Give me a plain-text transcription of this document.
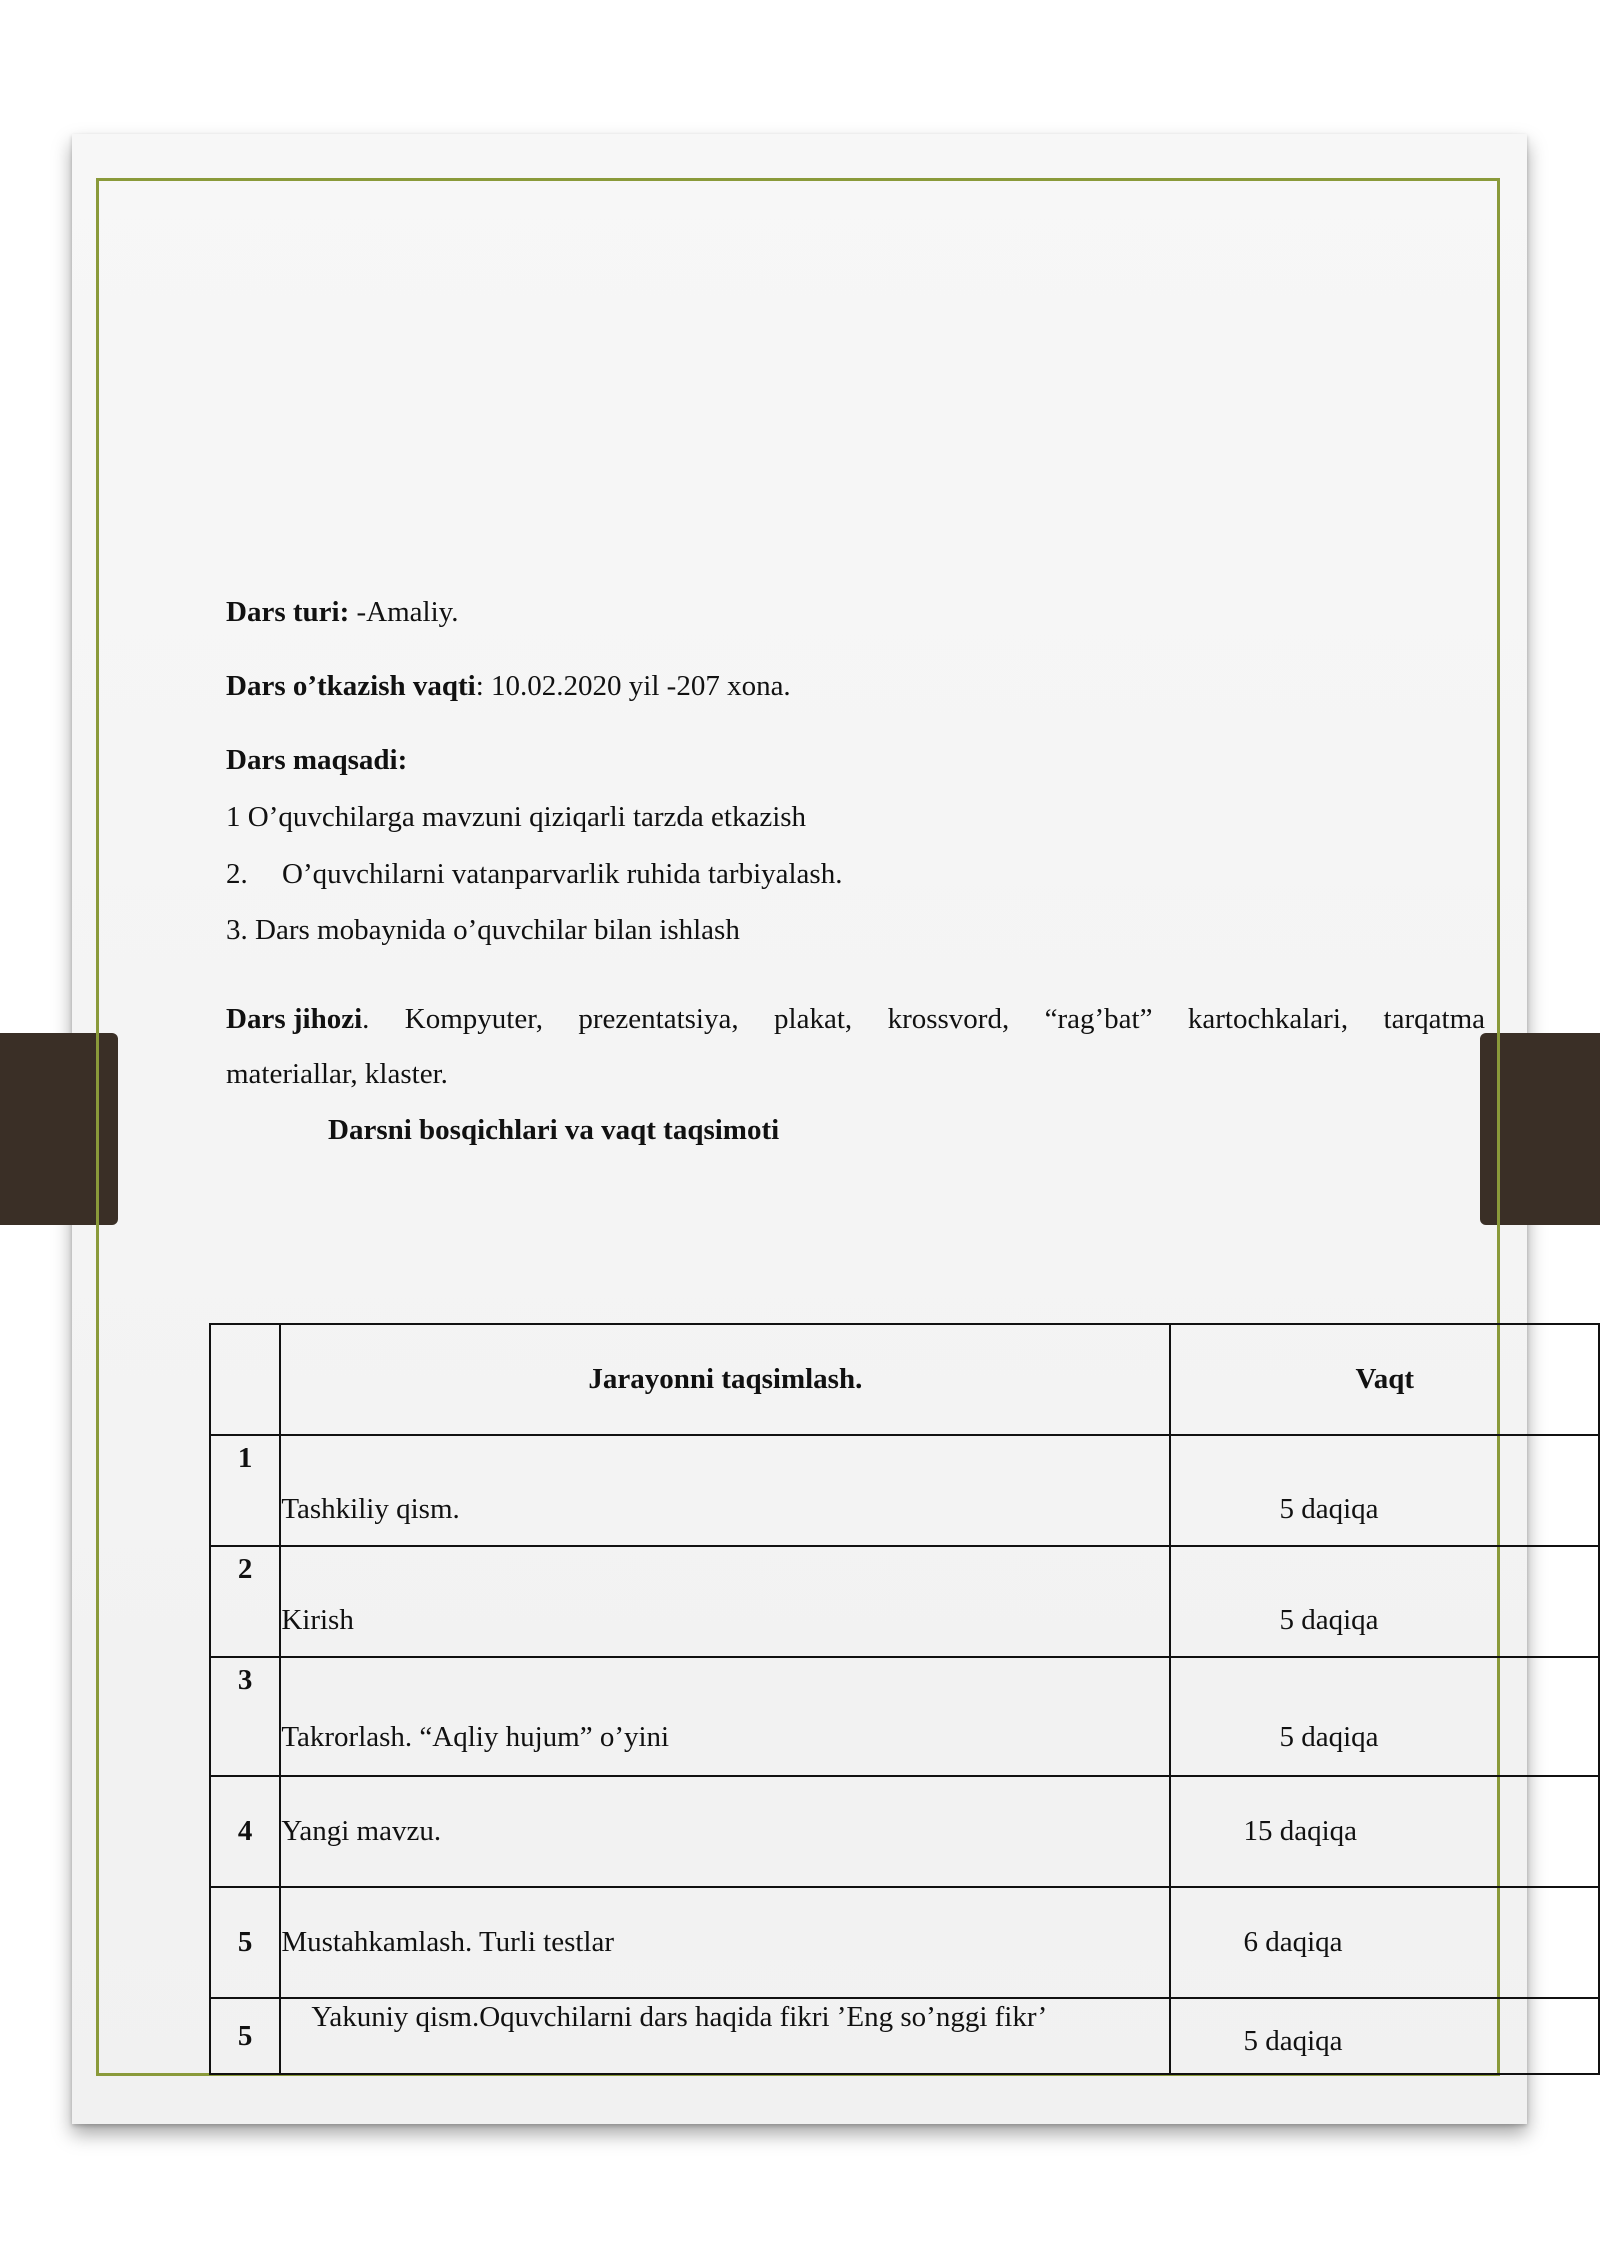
Dars turi: -Amaliy.
Dars o’tkazish vaqti: 10.02.2020 yil -207 xona.
Dars maqsadi:
1 O’quvchilarga mavzuni qiziqarli tarzda etkazish
2. O’quvchilarni vatanparvarlik ruhida tarbiyalash.
3. Dars mobaynida o’quvchilar bilan ishlash
Dars jihozi . Kompyuter, prezentatsiya, plakat, krossvord, “rag’bat” kartochkalari, tarqatma
materiallar, klaster.
Darsni bosqichlari va vaqt taqsimoti
	Jarayonni taqsimlash.	Vaqt
1	Tashkiliy qism.	5 daqiqa
2	Kirish	5 daqiqa
3	Takrorlash. “Aqliy hujum” o’yini	5 daqiqa
4	Yangi mavzu.	15 daqiqa
5	Mustahkamlash. Turli testlar	6 daqiqa
5	Yakuniy qism.Oquvchilarni dars haqida fikri ’Eng so’nggi fikr’	5 daqiqa
